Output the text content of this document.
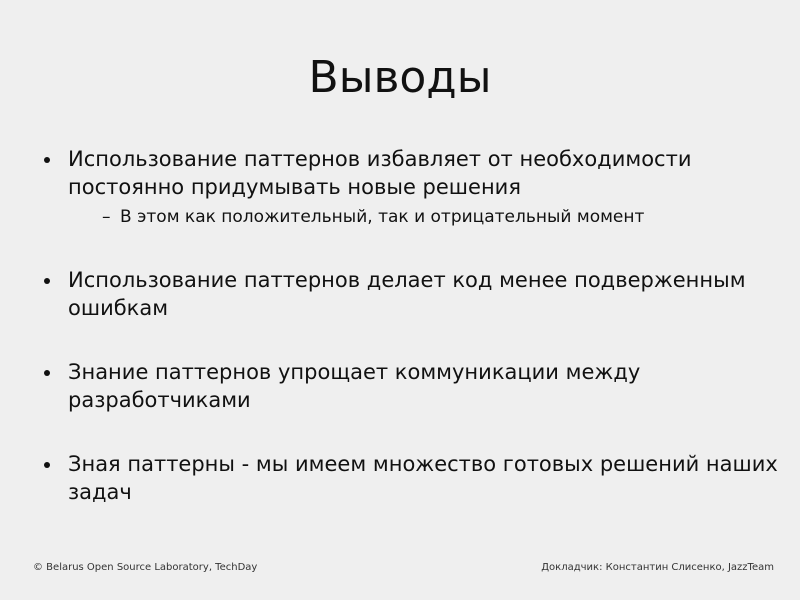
Выводы
Использование паттернов избавляет от необходимости постоянно придумывать новые решения
– В этом как положительный, так и отрицательный момент
Использование паттернов делает код менее подверженным ошибкам
Знание паттернов упрощает коммуникации между разработчиками
Зная паттерны - мы имеем множество готовых решений наших задач
© Belarus Open Source Laboratory, TechDay	Докладчик: Константин Слисенко, JazzTeam
